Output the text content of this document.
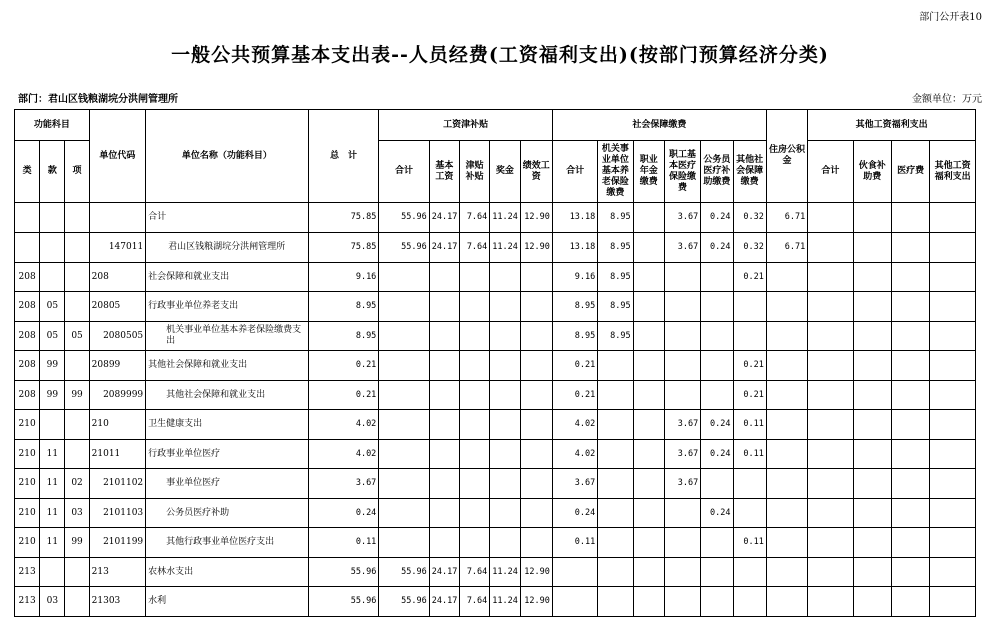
部门公开表10
一般公共预算基本支出表--人员经费(工资福利支出)(按部门预算经济分类)
部门：君山区钱粮湖垸分洪闸管理所	金额单位：万元
功能科目			单位代码	单位名称（功能科目）	总　计	工资津补贴					社会保障缴费						住房公积金	其他工资福利支出			
类	款	项				合计	基本工资	津贴补贴	奖金	绩效工资	合计	机关事业单位基本养老保险缴费	职业年金缴费	职工基本医疗保险缴费	公务员医疗补助缴费	其他社会保障缴费		合计	伙食补助费	医疗费	其他工资福利支出
				合计	75.85	55.96	24.17	7.64	11.24	12.90	13.18	8.95		3.67	0.24	0.32	6.71				
			147011	君山区钱粮湖垸分洪闸管理所	75.85	55.96	24.17	7.64	11.24	12.90	13.18	8.95		3.67	0.24	0.32	6.71				
208			208	社会保障和就业支出	9.16						9.16	8.95				0.21					
208	05		20805	行政事业单位养老支出	8.95						8.95	8.95									
208	05	05	2080505	机关事业单位基本养老保险缴费支出	8.95						8.95	8.95									
208	99		20899	其他社会保障和就业支出	0.21						0.21					0.21					
208	99	99	2089999	其他社会保障和就业支出	0.21						0.21					0.21					
210			210	卫生健康支出	4.02						4.02			3.67	0.24	0.11					
210	11		21011	行政事业单位医疗	4.02						4.02			3.67	0.24	0.11					
210	11	02	2101102	事业单位医疗	3.67						3.67			3.67							
210	11	03	2101103	公务员医疗补助	0.24						0.24				0.24						
210	11	99	2101199	其他行政事业单位医疗支出	0.11						0.11					0.11					
213			213	农林水支出	55.96	55.96	24.17	7.64	11.24	12.90											
213	03		21303	水利	55.96	55.96	24.17	7.64	11.24	12.90											
